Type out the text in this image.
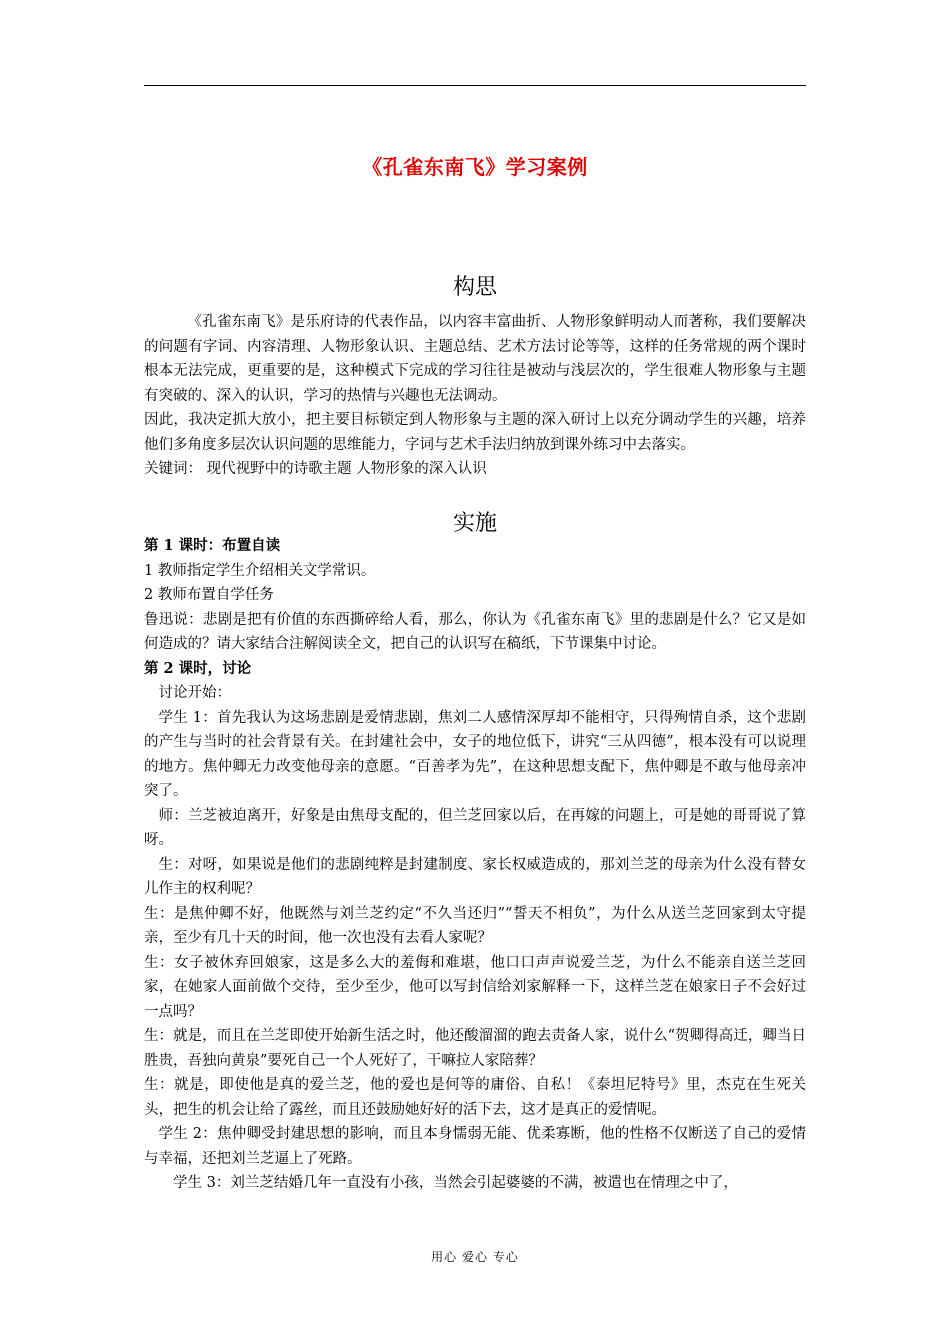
《孔雀东南飞》学习案例
构思

《孔雀东南飞》是乐府诗的代表作品，以内容丰富曲折、人物形象鲜明动人而著称，我们要解决的问题有字词、内容清理、人物形象认识、主题总结、艺术方法讨论等等，这样的任务常规的两个课时根本无法完成，更重要的是，这种模式下完成的学习往往是被动与浅层次的，学生很难人物形象与主题有突破的、深入的认识，学习的热情与兴趣也无法调动。

因此，我决定抓大放小，把主要目标锁定到人物形象与主题的深入研讨上以充分调动学生的兴趣，培养他们多角度多层次认识问题的思维能力，字词与艺术手法归纳放到课外练习中去落实。

关键词： 现代视野中的诗歌主题 人物形象的深入认识

实施

第 1 课时：布置自读

1 教师指定学生介绍相关文学常识。

2 教师布置自学任务

鲁迅说：悲剧是把有价值的东西撕碎给人看，那么，你认为《孔雀东南飞》里的悲剧是什么？它又是如何造成的？请大家结合注解阅读全文，把自己的认识写在稿纸，下节课集中讨论。

第 2 课时，讨论

讨论开始：

学生 1：首先我认为这场悲剧是爱情悲剧，焦刘二人感情深厚却不能相守，只得殉情自杀，这个悲剧的产生与当时的社会背景有关。在封建社会中，女子的地位低下，讲究“三从四德”，根本没有可以说理的地方。焦仲卿无力改变他母亲的意愿。“百善孝为先”，在这种思想支配下，焦仲卿是不敢与他母亲冲突了。

师：兰芝被迫离开，好象是由焦母支配的，但兰芝回家以后，在再嫁的问题上，可是她的哥哥说了算呀。

生：对呀，如果说是他们的悲剧纯粹是封建制度、家长权威造成的，那刘兰芝的母亲为什么没有替女儿作主的权利呢？

生：是焦仲卿不好，他既然与刘兰芝约定“不久当还归”“誓天不相负”，为什么从送兰芝回家到太守提亲，至少有几十天的时间，他一次也没有去看人家呢？

生：女子被休弃回娘家，这是多么大的羞侮和难堪，他口口声声说爱兰芝，为什么不能亲自送兰芝回家，在她家人面前做个交待，至少至少，他可以写封信给刘家解释一下，这样兰芝在娘家日子不会好过一点吗？

生：就是，而且在兰芝即使开始新生活之时，他还酸溜溜的跑去责备人家，说什么“贺卿得高迁，卿当日胜贵，吾独向黄泉”要死自己一个人死好了，干嘛拉人家陪葬？

生：就是，即使他是真的爱兰芝，他的爱也是何等的庸俗、自私！《泰坦尼特号》里，杰克在生死关头，把生的机会让给了露丝，而且还鼓励她好好的活下去，这才是真正的爱情呢。

学生 2：焦仲卿受封建思想的影响，而且本身懦弱无能、优柔寡断，他的性格不仅断送了自己的爱情与幸福，还把刘兰芝逼上了死路。

学生 3：刘兰芝结婚几年一直没有小孩，当然会引起婆婆的不满，被遣也在情理之中了，

用心 爱心 专心
